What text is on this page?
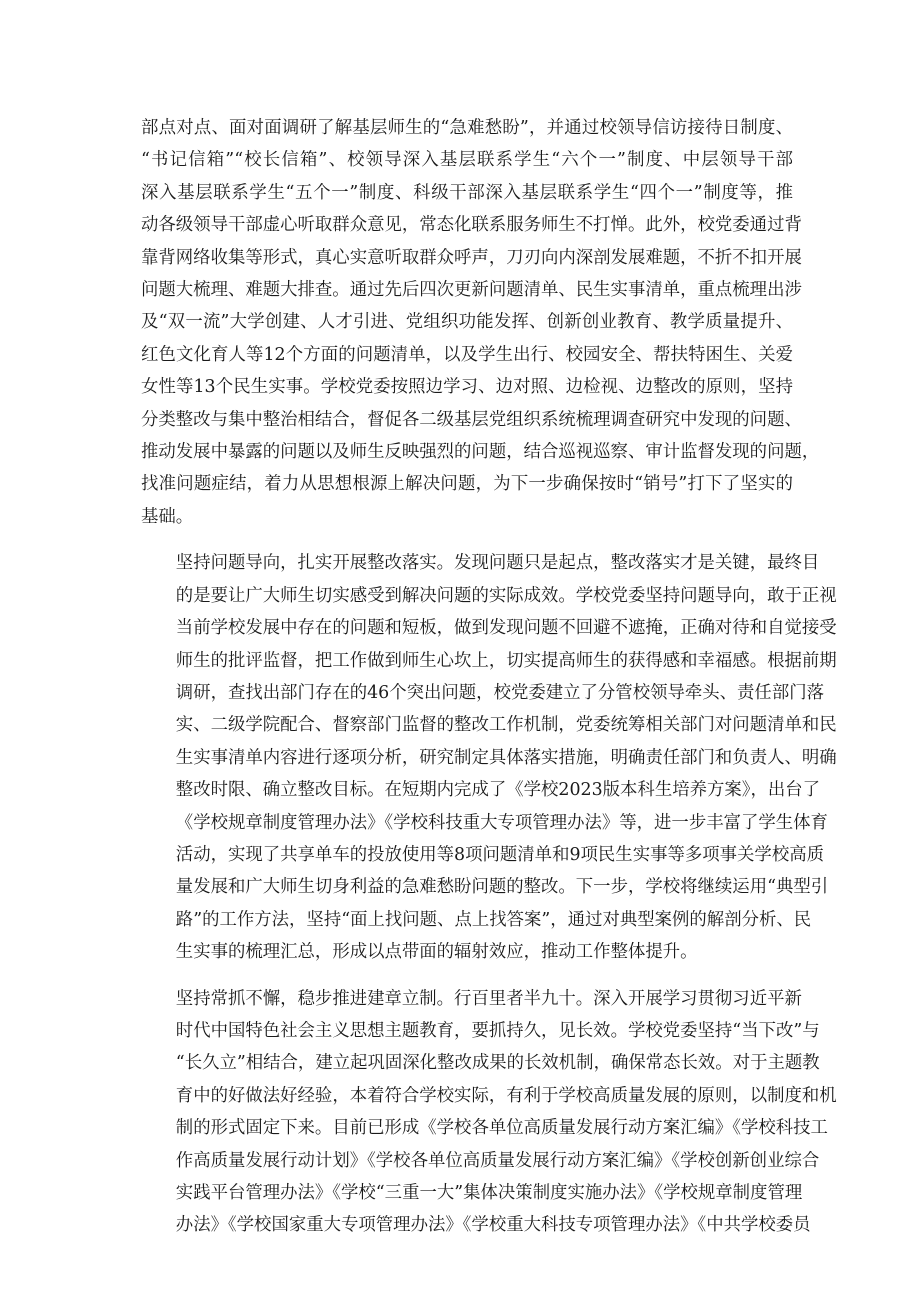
部点对点、面对面调研了解基层师生的“急难愁盼”，并通过校领导信访接待日制度、
“书记信箱”“校长信箱”、校领导深入基层联系学生“六个一”制度、中层领导干部
深入基层联系学生“五个一”制度、科级干部深入基层联系学生“四个一”制度等，推
动各级领导干部虚心听取群众意见，常态化联系服务师生不打惮。此外，校党委通过背
靠背网络收集等形式，真心实意听取群众呼声，刀刃向内深剖发展难题，不折不扣开展
问题大梳理、难题大排查。通过先后四次更新问题清单、民生实事清单，重点梳理出涉
及“双一流”大学创建、人才引进、党组织功能发挥、创新创业教育、教学质量提升、
红色文化育人等12个方面的问题清单，以及学生出行、校园安全、帮扶特困生、关爱
女性等13个民生实事。学校党委按照边学习、边对照、边检视、边整改的原则，坚持
分类整改与集中整治相结合，督促各二级基层党组织系统梳理调查研究中发现的问题、
推动发展中暴露的问题以及师生反映强烈的问题，结合巡视巡察、审计监督发现的问题，
找准问题症结，着力从思想根源上解决问题，为下一步确保按时“销号”打下了坚实的
基础。
坚持问题导向，扎实开展整改落实。发现问题只是起点，整改落实才是关键，最终目
的是要让广大师生切实感受到解决问题的实际成效。学校党委坚持问题导向，敢于正视
当前学校发展中存在的问题和短板，做到发现问题不回避不遮掩，正确对待和自觉接受
师生的批评监督，把工作做到师生心坎上，切实提高师生的获得感和幸福感。根据前期
调研，查找出部门存在的46个突出问题，校党委建立了分管校领导牵头、责任部门落
实、二级学院配合、督察部门监督的整改工作机制，党委统筹相关部门对问题清单和民
生实事清单内容进行逐项分析，研究制定具体落实措施，明确责任部门和负责人、明确
整改时限、确立整改目标。在短期内完成了《学校2023版本科生培养方案》，出台了
《学校规章制度管理办法》《学校科技重大专项管理办法》等，进一步丰富了学生体育
活动，实现了共享单车的投放使用等8项问题清单和9项民生实事等多项事关学校高质
量发展和广大师生切身利益的急难愁盼问题的整改。下一步，学校将继续运用“典型引
路”的工作方法，坚持“面上找问题、点上找答案”，通过对典型案例的解剖分析、民
生实事的梳理汇总，形成以点带面的辐射效应，推动工作整体提升。
坚持常抓不懈，稳步推进建章立制。行百里者半九十。深入开展学习贯彻习近平新
时代中国特色社会主义思想主题教育，要抓持久，见长效。学校党委坚持“当下改”与
“长久立”相结合，建立起巩固深化整改成果的长效机制，确保常态长效。对于主题教
育中的好做法好经验，本着符合学校实际，有利于学校高质量发展的原则，以制度和机
制的形式固定下来。目前已形成《学校各单位高质量发展行动方案汇编》《学校科技工
作高质量发展行动计划》《学校各单位高质量发展行动方案汇编》《学校创新创业综合
实践平台管理办法》《学校“三重一大”集体决策制度实施办法》《学校规章制度管理
办法》《学校国家重大专项管理办法》《学校重大科技专项管理办法》《中共学校委员
